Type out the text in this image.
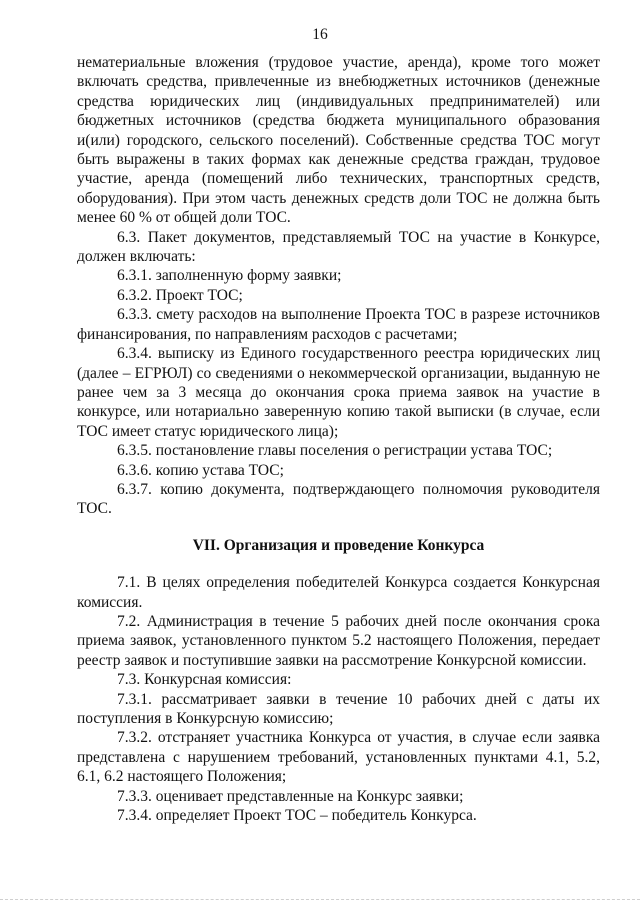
16

нематериальные вложения (трудовое участие, аренда), кроме того может включать средства, привлеченные из внебюджетных источников (денежные средства юридических лиц (индивидуальных предпринимателей) или бюджетных источников (средства бюджета муниципального образования и(или) городского, сельского поселений). Собственные средства ТОС могут быть выражены в таких формах как денежные средства граждан, трудовое участие, аренда (помещений либо технических, транспортных средств, оборудования). При этом часть денежных средств доли ТОС не должна быть менее 60 % от общей доли ТОС.

6.3. Пакет документов, представляемый ТОС на участие в Конкурсе, должен включать:

6.3.1. заполненную форму заявки;

6.3.2. Проект ТОС;

6.3.3. смету расходов на выполнение Проекта ТОС в разрезе источников финансирования, по направлениям расходов с расчетами;

6.3.4. выписку из Единого государственного реестра юридических лиц (далее – ЕГРЮЛ) со сведениями о некоммерческой организации, выданную не ранее чем за 3 месяца до окончания срока приема заявок на участие в конкурсе, или нотариально заверенную копию такой выписки (в случае, если ТОС имеет статус юридического лица);

6.3.5. постановление главы поселения о регистрации устава ТОС;

6.3.6. копию устава ТОС;

6.3.7. копию документа, подтверждающего полномочия руководителя ТОС.

VII. Организация и проведение Конкурса

7.1. В целях определения победителей Конкурса создается Конкурсная комиссия.

7.2. Администрация в течение 5 рабочих дней после окончания срока приема заявок, установленного пунктом 5.2 настоящего Положения, передает реестр заявок и поступившие заявки на рассмотрение Конкурсной комиссии.

7.3. Конкурсная комиссия:

7.3.1. рассматривает заявки в течение 10 рабочих дней с даты их поступления в Конкурсную комиссию;

7.3.2. отстраняет участника Конкурса от участия, в случае если заявка представлена с нарушением требований, установленных пунктами 4.1, 5.2, 6.1, 6.2 настоящего Положения;

7.3.3. оценивает представленные на Конкурс заявки;

7.3.4. определяет Проект ТОС – победитель Конкурса.
